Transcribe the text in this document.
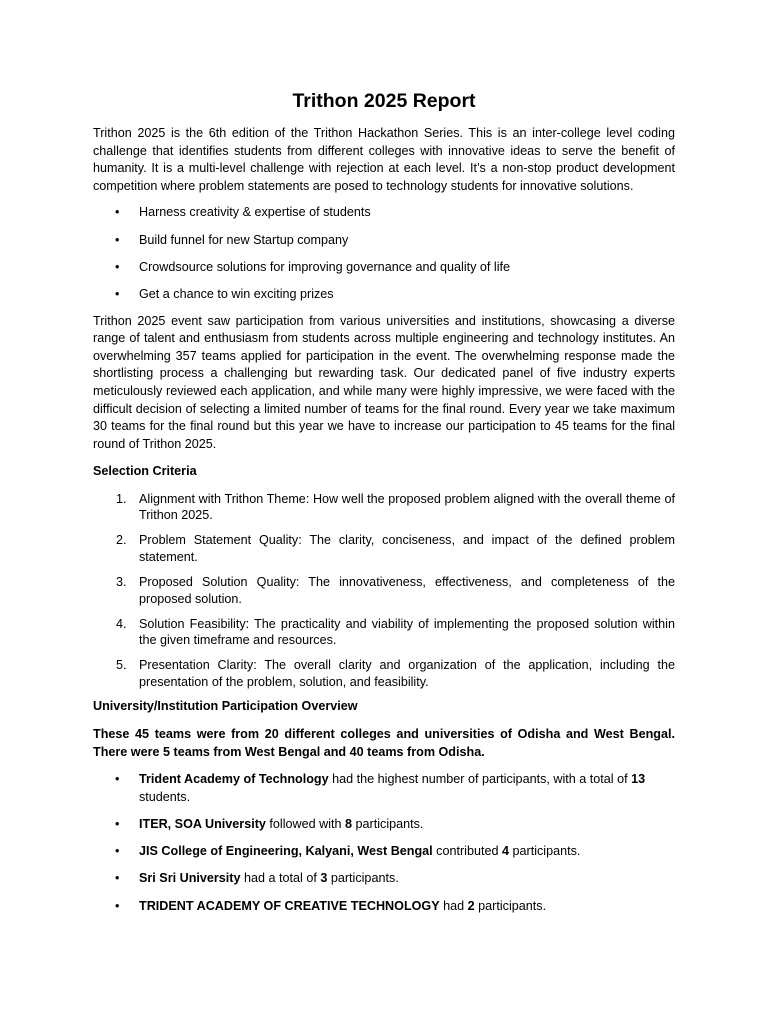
Trithon 2025 Report

Trithon 2025 is the 6th edition of the Trithon Hackathon Series. This is an inter-college level coding challenge that identifies students from different colleges with innovative ideas to serve the benefit of humanity. It is a multi-level challenge with rejection at each level. It’s a non-stop product development competition where problem statements are posed to technology students for innovative solutions.

• Harness creativity & expertise of students
• Build funnel for new Startup company
• Crowdsource solutions for improving governance and quality of life
• Get a chance to win exciting prizes

Trithon 2025 event saw participation from various universities and institutions, showcasing a diverse range of talent and enthusiasm from students across multiple engineering and technology institutes. An overwhelming 357 teams applied for participation in the event. The overwhelming response made the shortlisting process a challenging but rewarding task. Our dedicated panel of five industry experts meticulously reviewed each application, and while many were highly impressive, we were faced with the difficult decision of selecting a limited number of teams for the final round. Every year we take maximum 30 teams for the final round but this year we have to increase our participation to 45 teams for the final round of Trithon 2025.

Selection Criteria

1. Alignment with Trithon Theme: How well the proposed problem aligned with the overall theme of Trithon 2025.
2. Problem Statement Quality: The clarity, conciseness, and impact of the defined problem statement.
3. Proposed Solution Quality: The innovativeness, effectiveness, and completeness of the proposed solution.
4. Solution Feasibility: The practicality and viability of implementing the proposed solution within the given timeframe and resources.
5. Presentation Clarity: The overall clarity and organization of the application, including the presentation of the problem, solution, and feasibility.

University/Institution Participation Overview

These 45 teams were from 20 different colleges and universities of Odisha and West Bengal. There were 5 teams from West Bengal and 40 teams from Odisha.

• Trident Academy of Technology had the highest number of participants, with a total of 13 students.
• ITER, SOA University followed with 8 participants.
• JIS College of Engineering, Kalyani, West Bengal contributed 4 participants.
• Sri Sri University had a total of 3 participants.
• TRIDENT ACADEMY OF CREATIVE TECHNOLOGY had 2 participants.
